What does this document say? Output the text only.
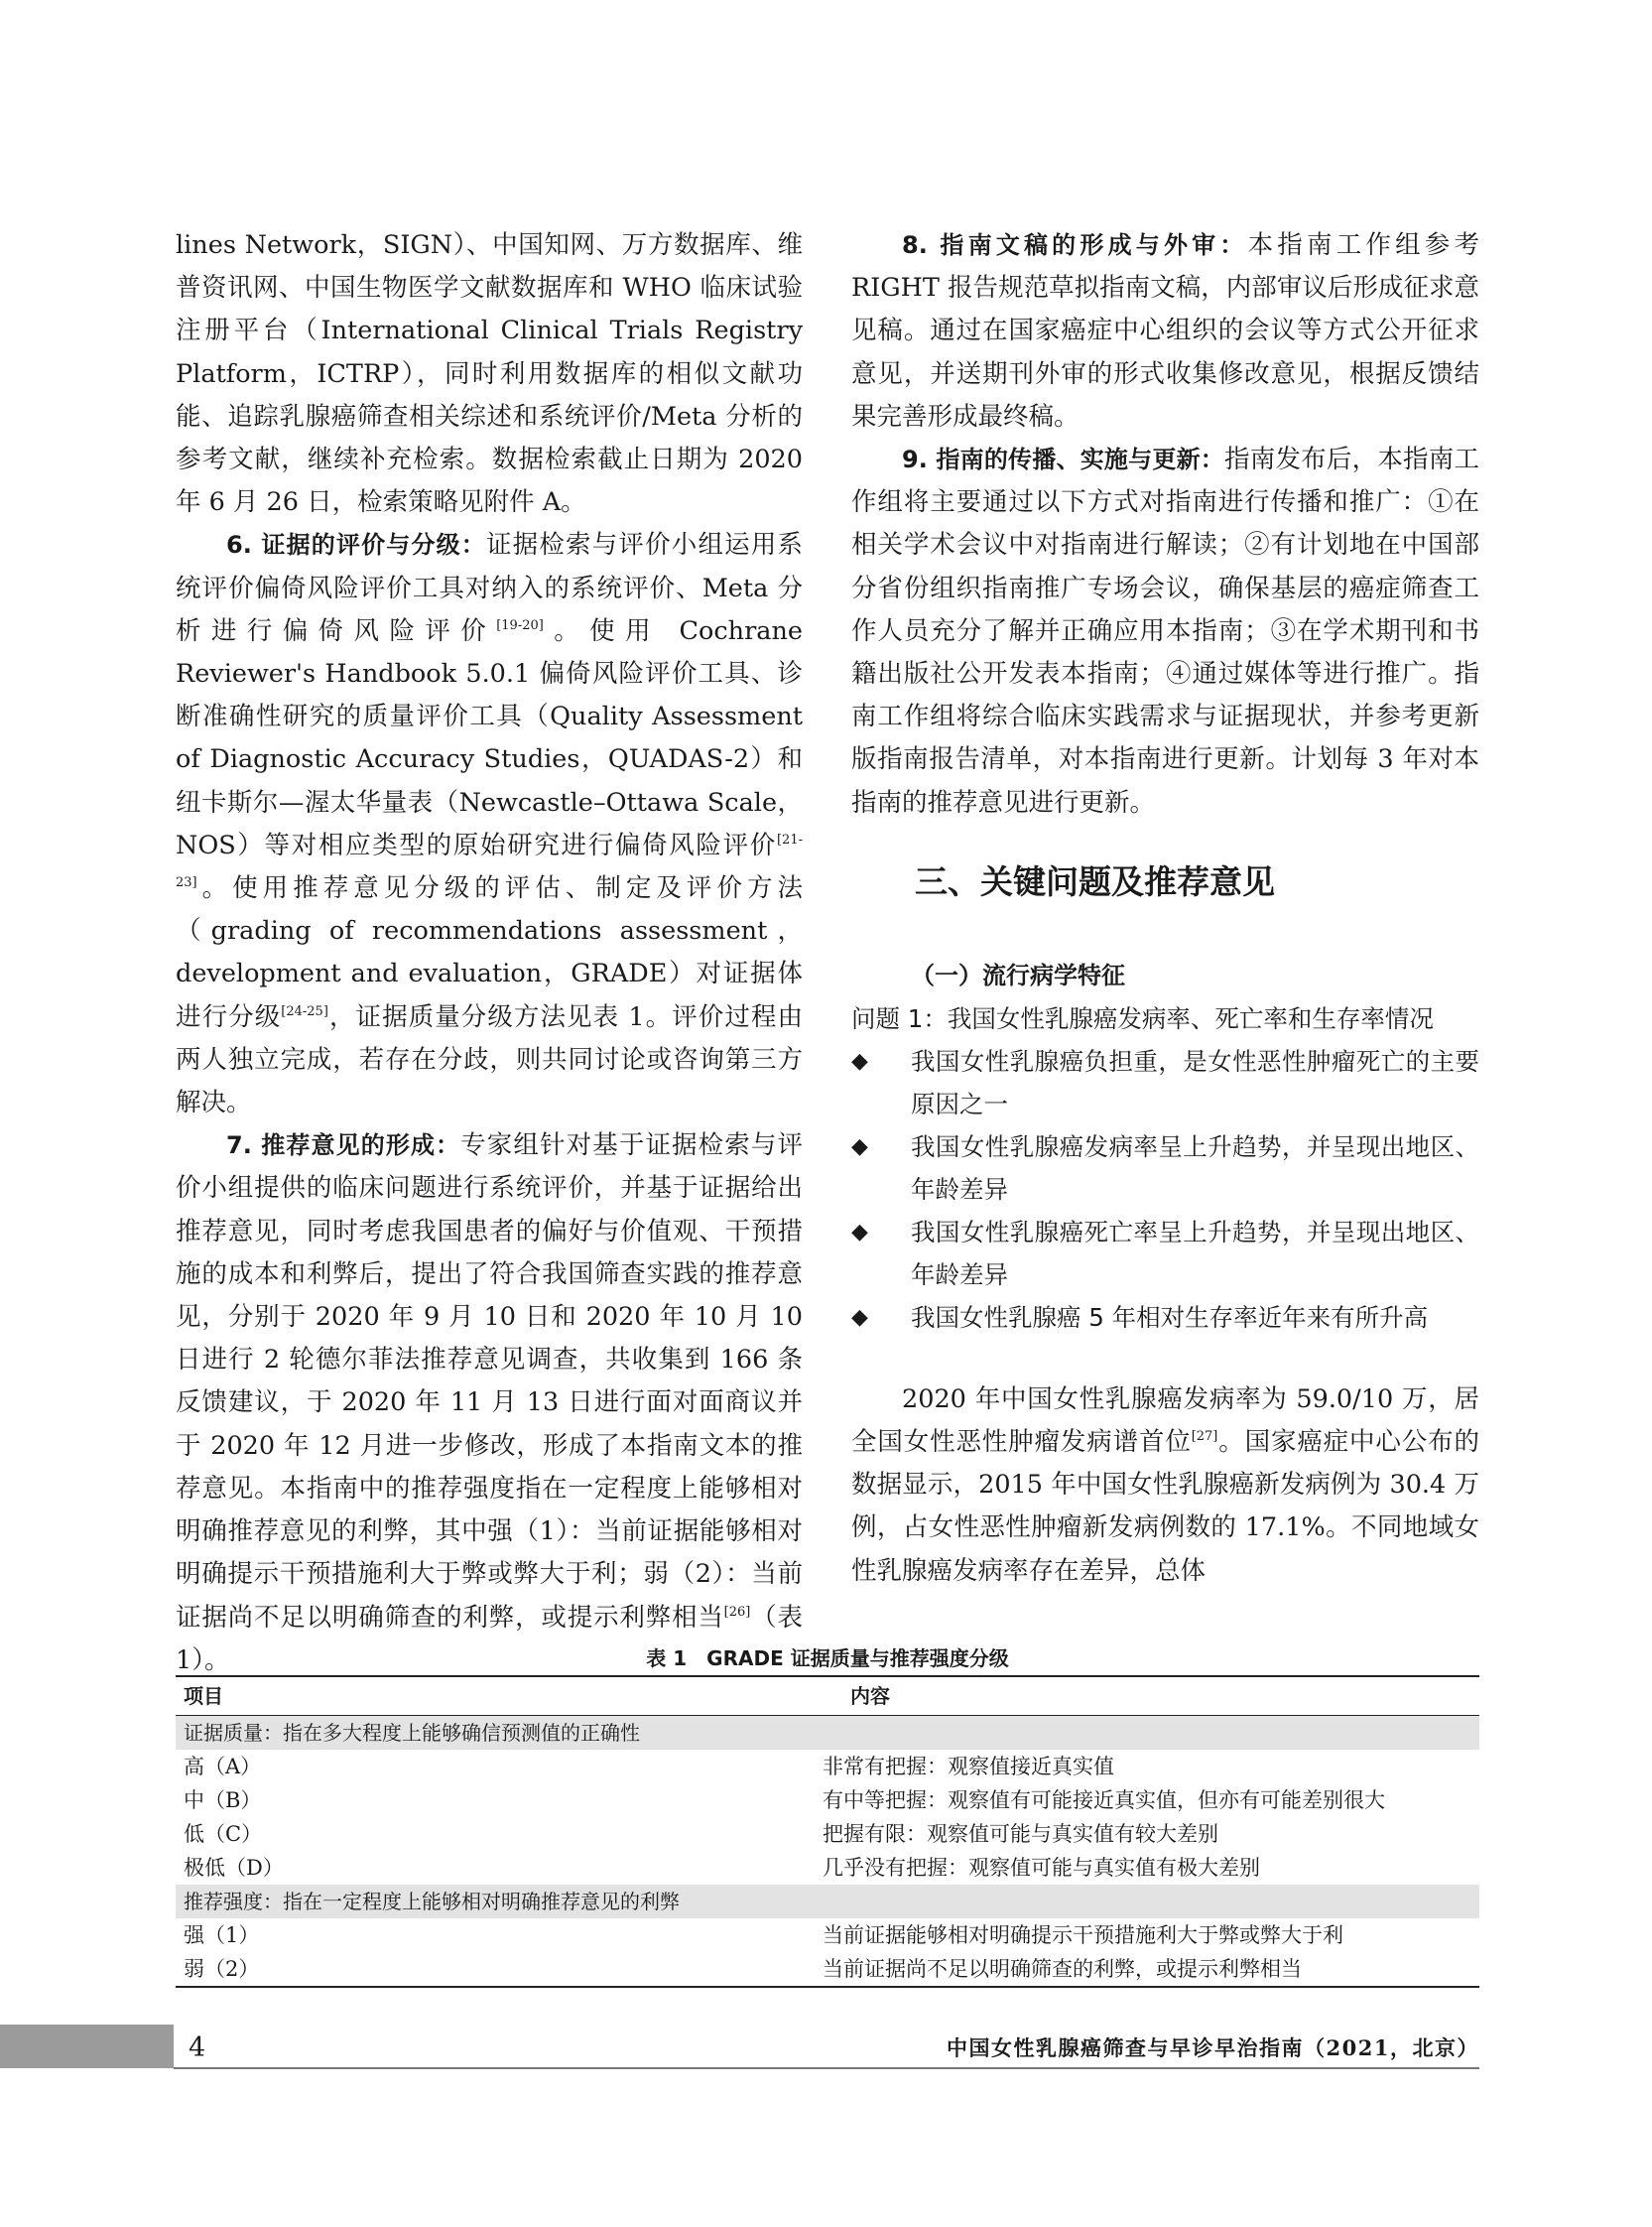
lines Network，SIGN）、中国知网、万方数据库、维普资讯网、中国生物医学文献数据库和 WHO 临床试验注册平台（International Clinical Trials Registry Platform，ICTRP），同时利用数据库的相似文献功能、追踪乳腺癌筛查相关综述和系统评价/Meta 分析的参考文献，继续补充检索。数据检索截止日期为 2020 年 6 月 26 日，检索策略见附件 A。

6. 证据的评价与分级：证据检索与评价小组运用系统评价偏倚风险评价工具对纳入的系统评价、Meta 分析进行偏倚风险评价[19-20]。使用 Cochrane Reviewer's Handbook 5.0.1 偏倚风险评价工具、诊断准确性研究的质量评价工具（Quality Assessment of Diagnostic Accuracy Studies，QUADAS-2）和纽卡斯尔—渥太华量表（Newcastle–Ottawa Scale，NOS）等对相应类型的原始研究进行偏倚风险评价[21-23]。使用推荐意见分级的评估、制定及评价方法（grading of recommendations assessment，development and evaluation，GRADE）对证据体进行分级[24-25]，证据质量分级方法见表 1。评价过程由两人独立完成，若存在分歧，则共同讨论或咨询第三方解决。

7. 推荐意见的形成：专家组针对基于证据检索与评价小组提供的临床问题进行系统评价，并基于证据给出推荐意见，同时考虑我国患者的偏好与价值观、干预措施的成本和利弊后，提出了符合我国筛查实践的推荐意见，分别于 2020 年 9 月 10 日和 2020 年 10 月 10 日进行 2 轮德尔菲法推荐意见调查，共收集到 166 条反馈建议，于 2020 年 11 月 13 日进行面对面商议并于 2020 年 12 月进一步修改，形成了本指南文本的推荐意见。本指南中的推荐强度指在一定程度上能够相对明确推荐意见的利弊，其中强（1）：当前证据能够相对明确提示干预措施利大于弊或弊大于利；弱（2）：当前证据尚不足以明确筛查的利弊，或提示利弊相当[26]（表 1）。

8. 指南文稿的形成与外审：本指南工作组参考 RIGHT 报告规范草拟指南文稿，内部审议后形成征求意见稿。通过在国家癌症中心组织的会议等方式公开征求意见，并送期刊外审的形式收集修改意见，根据反馈结果完善形成最终稿。

9. 指南的传播、实施与更新：指南发布后，本指南工作组将主要通过以下方式对指南进行传播和推广：①在相关学术会议中对指南进行解读；②有计划地在中国部分省份组织指南推广专场会议，确保基层的癌症筛查工作人员充分了解并正确应用本指南；③在学术期刊和书籍出版社公开发表本指南；④通过媒体等进行推广。指南工作组将综合临床实践需求与证据现状，并参考更新版指南报告清单，对本指南进行更新。计划每 3 年对本指南的推荐意见进行更新。

三、关键问题及推荐意见
（一）流行病学特征
问题 1：我国女性乳腺癌发病率、死亡率和生存率情况
◆ 我国女性乳腺癌负担重，是女性恶性肿瘤死亡的主要原因之一
◆ 我国女性乳腺癌发病率呈上升趋势，并呈现出地区、年龄差异
◆ 我国女性乳腺癌死亡率呈上升趋势，并呈现出地区、年龄差异
◆ 我国女性乳腺癌 5 年相对生存率近年来有所升高

2020 年中国女性乳腺癌发病率为 59.0/10 万，居全国女性恶性肿瘤发病谱首位[27]。国家癌症中心公布的数据显示，2015 年中国女性乳腺癌新发病例为 30.4 万例，占女性恶性肿瘤新发病例数的 17.1%。不同地域女性乳腺癌发病率存在差异，总体

表 1　GRADE 证据质量与推荐强度分级
项目	内容
证据质量：指在多大程度上能够确信预测值的正确性
高（A）	非常有把握：观察值接近真实值
中（B）	有中等把握：观察值有可能接近真实值，但亦有可能差别很大
低（C）	把握有限：观察值可能与真实值有较大差别
极低（D）	几乎没有把握：观察值可能与真实值有极大差别
推荐强度：指在一定程度上能够相对明确推荐意见的利弊
强（1）	当前证据能够相对明确提示干预措施利大于弊或弊大于利
弱（2）	当前证据尚不足以明确筛查的利弊，或提示利弊相当
4	中国女性乳腺癌筛查与早诊早治指南（2021，北京）
